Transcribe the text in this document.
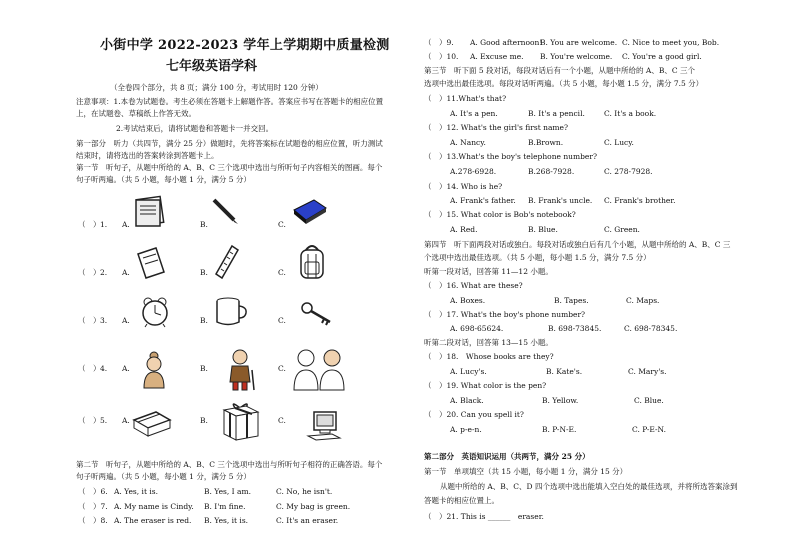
小街中学 2022-2023 学年上学期期中质量检测
七年级英语学科
（全卷四个部分，共 8 页；满分 100 分，考试用时 120 分钟）
注意事项：1.本卷为试题卷。考生必须在答题卡上解题作答。答案应书写在答题卡的相应位置
上，在试题卷、草稿纸上作答无效。
2.考试结束后，请将试题卷和答题卡一并交回。
第一部分　听力（共四节，满分 25 分）做题时，先将答案标在试题卷的相应位置，听力测试
结束时，请将选出的答案转涂到答题卡上。
第一节　听句子，从题中所给的 A、B、C 三个选项中选出与所听句子内容相关的图画。每个
句子听两遍。（共 5 小题，每小题 1 分，满分 5 分）
（　） 1. A.	B.	C.
（　） 2. A.	B.	C.
（　） 3. A.	B.	C.
（　） 4. A.	B.	C.
（　） 5. A.	B.	C.
第二节　听句子，从题中所给的 A、B、C 三个选项中选出与所听句子相符的正确答语。每个
句子听两遍。（共 5 小题，每小题 1 分，满分 5 分）
（　）6. A. Yes, it is.	B. Yes, I am.	C. No, he isn't.
（　）7. A. My name is Cindy. B. I'm fine.	C. My bag is green.
（　）8. A. The eraser is red. B. Yes, it is.	C. It's an eraser.
（　）9. A. Good afternoon!
B. You are welcome. C. Nice to meet you, Bob.
（　）10. A. Excuse me. B. You're welcome. C. You're a good girl.
第三节　听下面 5 段对话，每段对话后有一个小题，从题中所给的 A、B、C 三个
选项中选出最佳选项。每段对话听两遍。（共 5 小题，每小题 1.5 分，满分 7.5 分）
（　）11.What's that?
A. It's a pen.	B. It's a pencil.	C. It's a book.
（　）12. What's the girl's first name?
A. Nancy.	B.Brown.	C. Lucy.
（　）13.What's the boy's telephone number?
A.278-6928.	B.268-7928.	C. 278-7928.
（　）14. Who is he?
A. Frank's father. B. Frank's uncle. C. Frank's brother.
（　）15. What color is Bob's notebook?
A. Red.	B. Blue.	C. Green.
第四节　听下面两段对话或独白。每段对话或独白后有几个小题，从题中所给的 A、B、C 三
个选项中选出最佳选项。（共 5 小题，每小题 1.5 分，满分 7.5 分）
听第一段对话，回答第 11—12 小题。
（　）16. What are these?
A. Boxes.	B. Tapes.	C. Maps.
（　）17. What's the boy's phone number?
A. 698-65624.	B. 698-73845.	C. 698-78345.
听第二段对话，回答第 13—15 小题。
（　）18.　Whose books are they?
A. Lucy's.	B. Kate's.	C. Mary's.
（　）19. What color is the pen?
A. Black.	B. Yellow.	C. Blue.
（　）20. Can you spell it?
A. p-e-n.	B. P-N-E.	C. P-E-N.
第二部分　英语知识运用（共两节，满分 25 分）
第一节　单项填空（共 15 小题，每小题 1 分，满分 15 分）
从题中所给的 A、B、C、D 四个选项中选出能填入空白处的最佳选项，并将所选答案涂到
答题卡的相应位置上。
（　）21. This is ______　eraser.
